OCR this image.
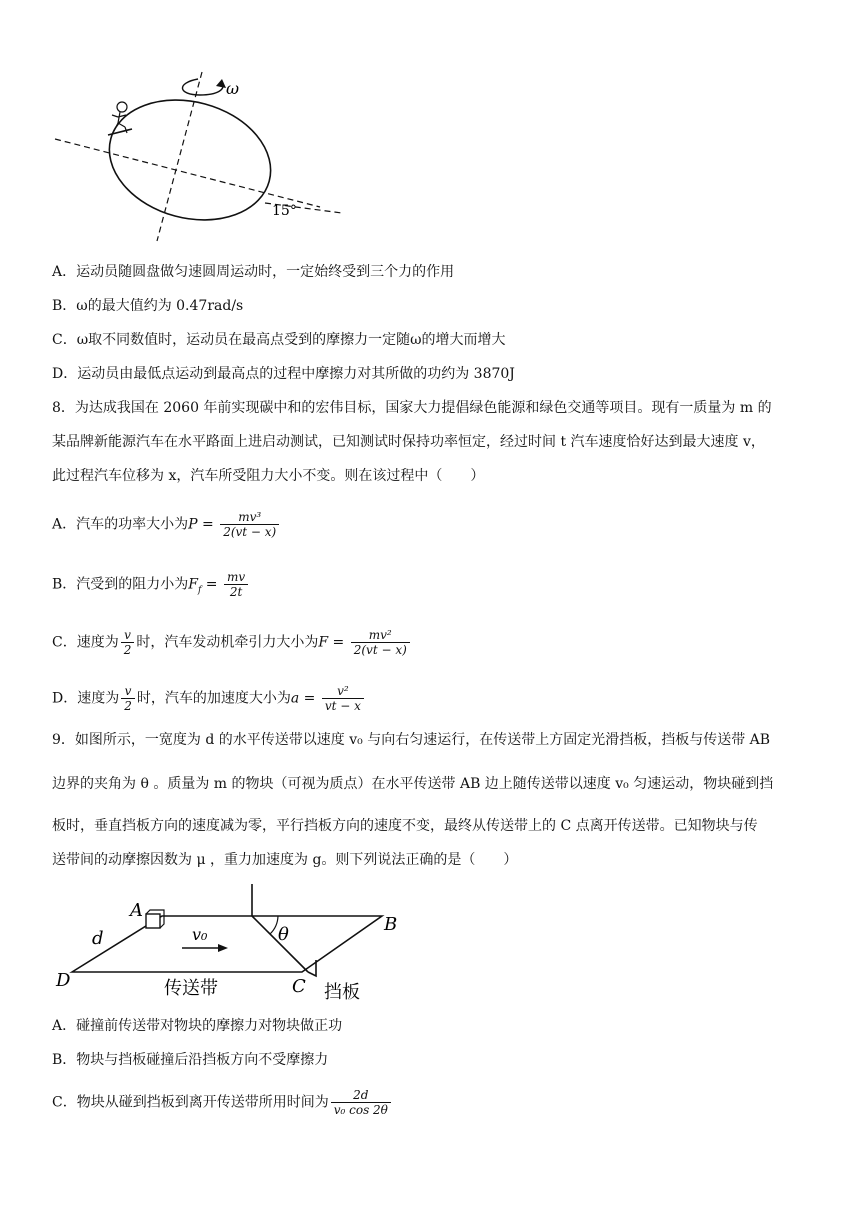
ω
15°
A．运动员随圆盘做匀速圆周运动时，一定始终受到三个力的作用
B．ω的最大值约为 0.47rad/s
C．ω取不同数值时，运动员在最高点受到的摩擦力一定随ω的增大而增大
D．运动员由最低点运动到最高点的过程中摩擦力对其所做的功约为 3870J
8．为达成我国在 2060 年前实现碳中和的宏伟目标，国家大力提倡绿色能源和绿色交通等项目。现有一质量为 m 的
某品牌新能源汽车在水平路面上进启动测试，已知测试时保持功率恒定，经过时间 t 汽车速度恰好达到最大速度 v，
此过程汽车位移为 x，汽车所受阻力大小不变。则在该过程中（　　）
A．汽车的功率大小为$P = \frac{\text{mv³}}{2(vt - x)}$
B．汽受到的阻力小为$F_f = \frac{mv}{2t}$
C．速度为 $\frac{v}{2}$ 时，汽车发动机牵引力大小为$F = \frac{\text{mv²}}{2(vt - x)}$
D．速度为 $\frac{v}{2}$ 时，汽车的加速度大小为$a = \frac{\text{v²}}{vt - x}$
9．如图所示，一宽度为 d 的水平传送带以速度 v₀ 与向右匀速运行，在传送带上方固定光滑挡板，挡板与传送带 AB
边界的夹角为 θ 。质量为 m 的物块（可视为质点）在水平传送带 AB 边上随传送带以速度 v₀ 匀速运动，物块碰到挡
板时，垂直挡板方向的速度减为零，平行挡板方向的速度不变，最终从传送带上的 C 点离开传送带。已知物块与传
送带间的动摩擦因数为 μ ，重力加速度为 g。则下列说法正确的是（　　）
A
B
C
D
d	v₀	θ
传送带	挡板
A．碰撞前传送带对物块的摩擦力对物块做正功
B．物块与挡板碰撞后沿挡板方向不受摩擦力
C．物块从碰到挡板到离开传送带所用时间为 $\frac{2d}{\text{v₀ cos 2θ}}$
